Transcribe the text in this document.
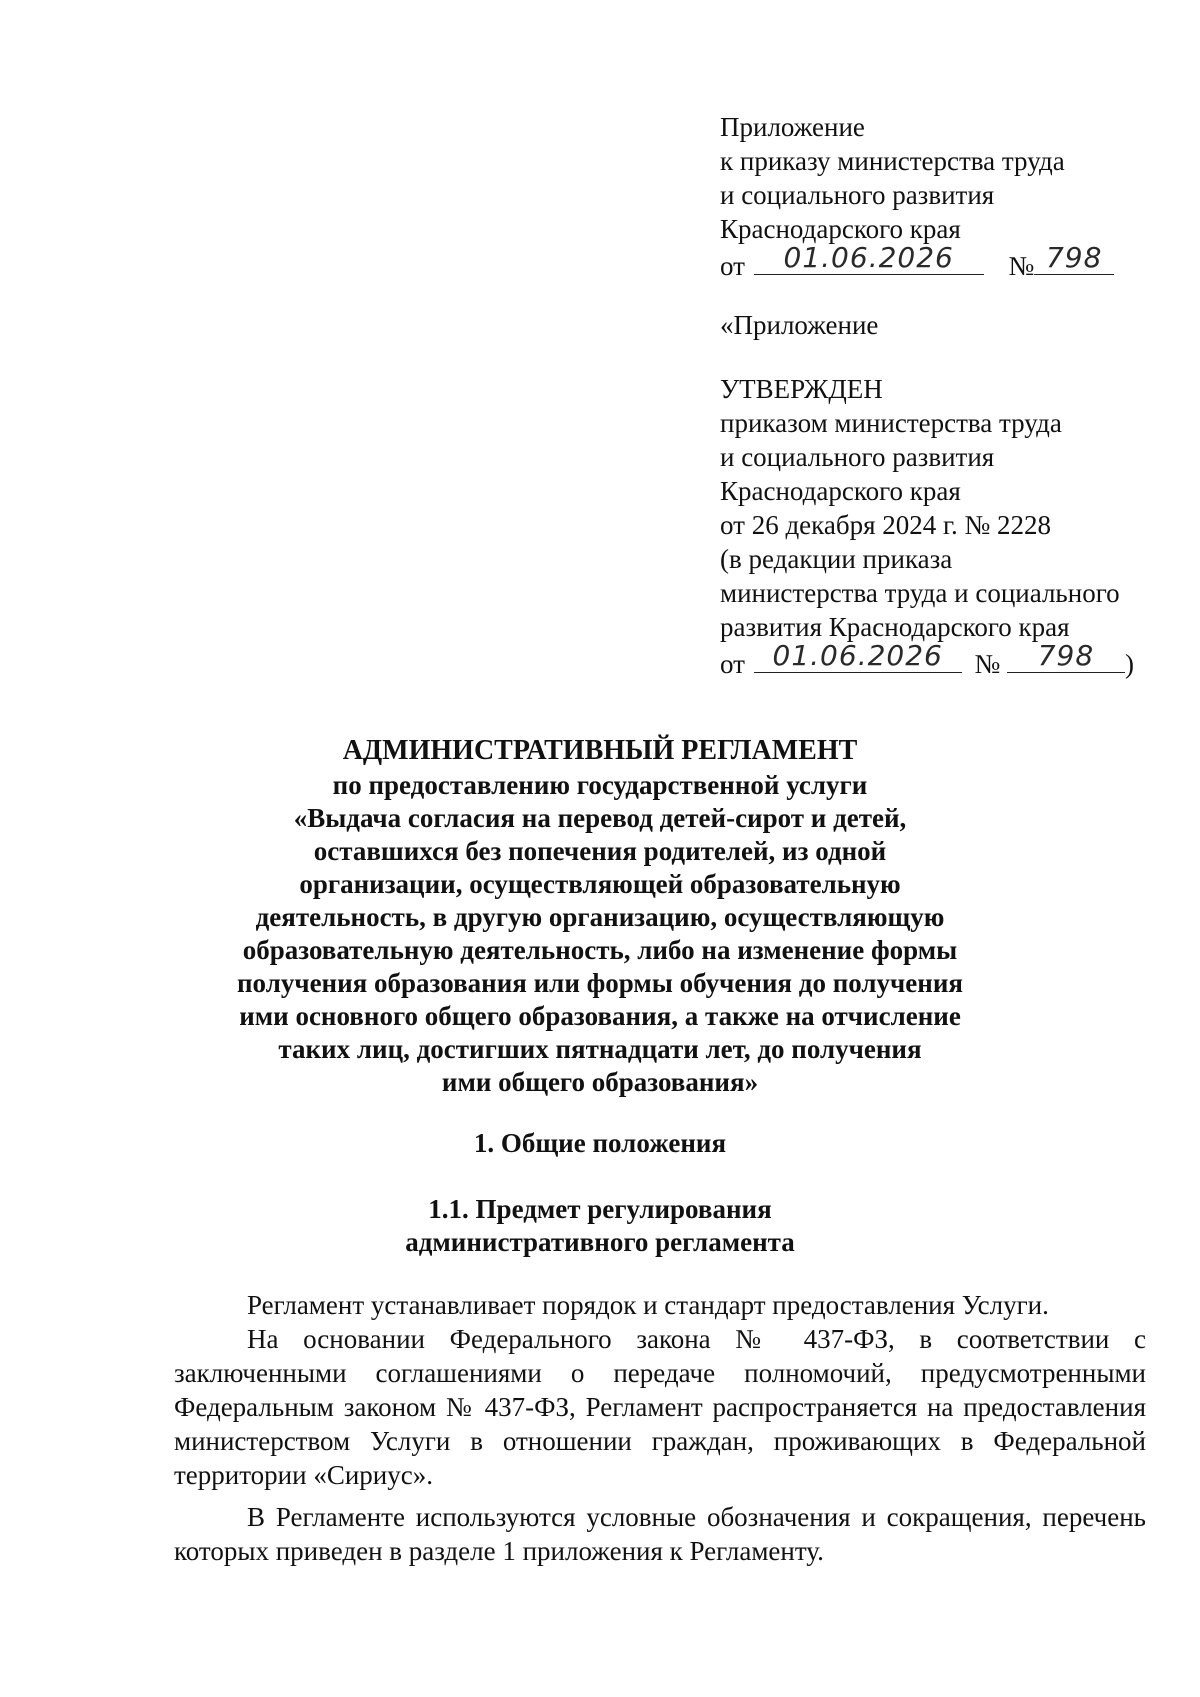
Приложение
к приказу министерства труда
и социального развития
Краснодарского края
от	01.06.2026	№ 798
«Приложение
УТВЕРЖДЕН
приказом министерства труда
и социального развития
Краснодарского края
от 26 декабря 2024 г. № 2228
(в редакции приказа
министерства труда и социального
развития Краснодарского края
от 01.06.2026	№	798	)
АДМИНИСТРАТИВНЫЙ РЕГЛАМЕНТ
по предоставлению государственной услуги
«Выдача согласия на перевод детей-сирот и детей,
оставшихся без попечения родителей, из одной
организации, осуществляющей образовательную
деятельность, в другую организацию, осуществляющую
образовательную деятельность, либо на изменение формы
получения образования или формы обучения до получения
ими основного общего образования, а также на отчисление
таких лиц, достигших пятнадцати лет, до получения
ими общего образования»
1. Общие положения
1.1. Предмет регулирования
административного регламента

Регламент устанавливает порядок и стандарт предоставления Услуги.

На основании Федерального закона № 437-ФЗ, в соответствии с заключенными соглашениями о передаче полномочий, предусмотренными Федеральным законом № 437-ФЗ, Регламент распространяется на предоставления министерством Услуги в отношении граждан, проживающих в Федеральной территории «Сириус».

В Регламенте используются условные обозначения и сокращения, перечень которых приведен в разделе 1 приложения к Регламенту.
